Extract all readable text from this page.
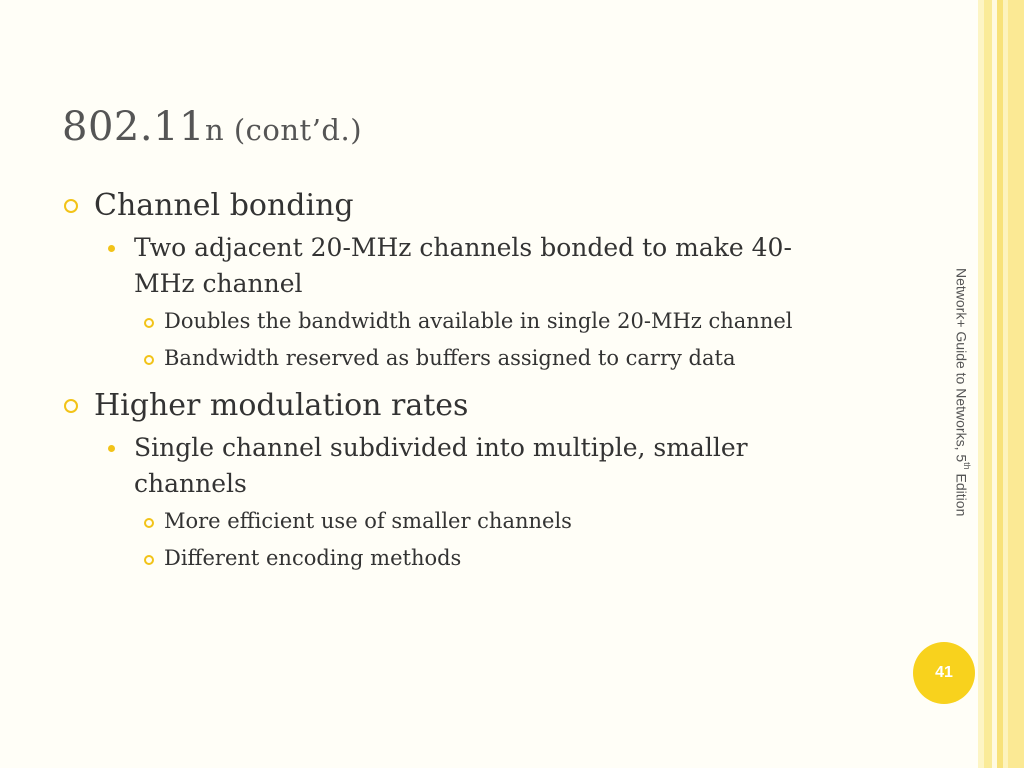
802.11n (cont’d.)
Channel bonding
Two adjacent 20-MHz channels bonded to make 40-
MHz channel
Doubles the bandwidth available in single 20-MHz channel
Bandwidth reserved as buffers assigned to carry data
Higher modulation rates
Single channel subdivided into multiple, smaller
channels
More efficient use of smaller channels
Different encoding methods
Network+ Guide to Networks, 5th Edition
41
